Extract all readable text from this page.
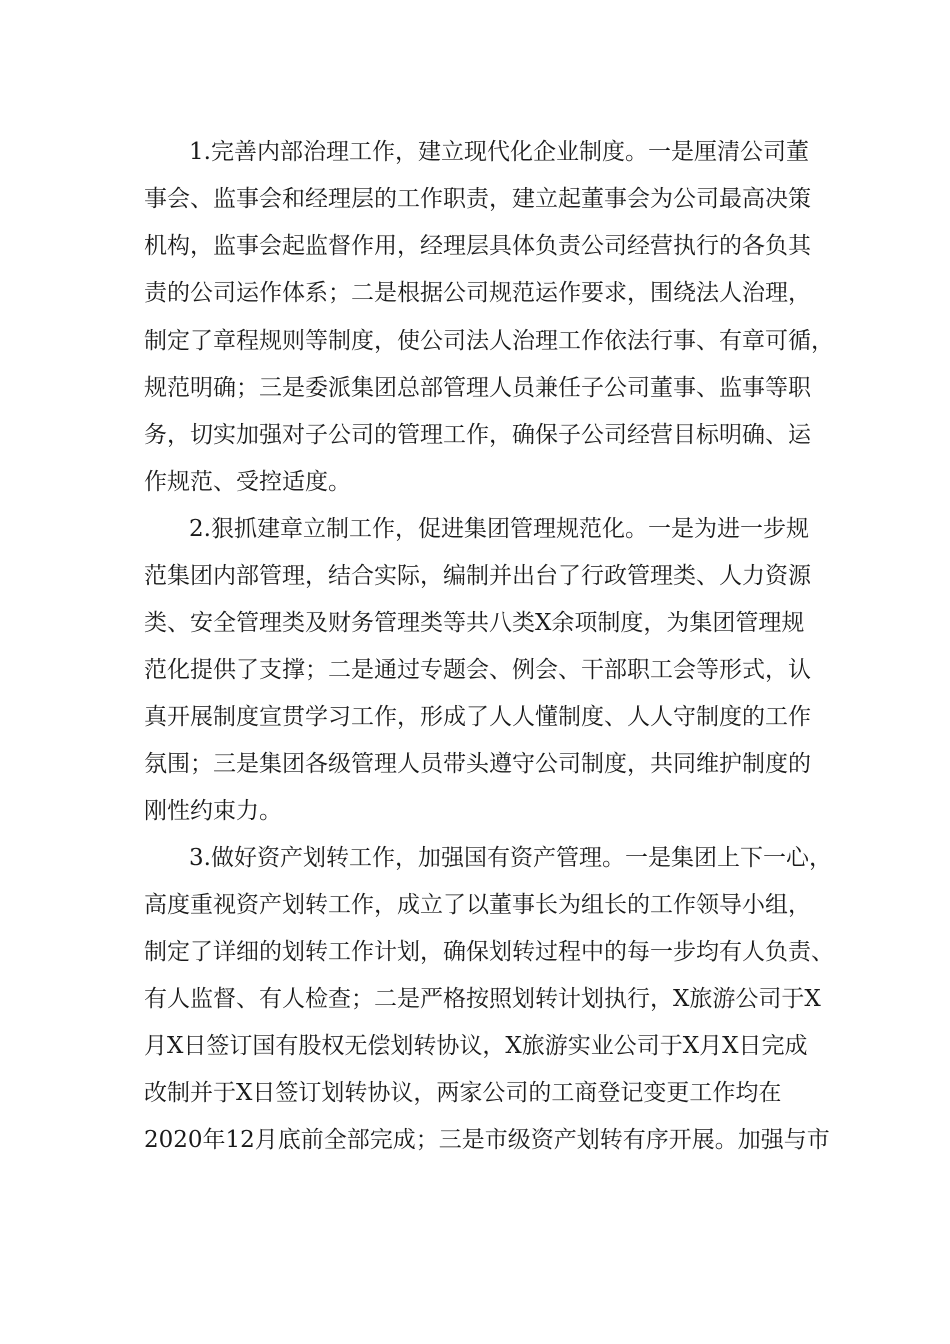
1.完善内部治理工作，建立现代化企业制度。一是厘清公司董
事会、监事会和经理层的工作职责，建立起董事会为公司最高决策
机构，监事会起监督作用，经理层具体负责公司经营执行的各负其
责的公司运作体系；二是根据公司规范运作要求，围绕法人治理，
制定了章程规则等制度，使公司法人治理工作依法行事、有章可循，
规范明确；三是委派集团总部管理人员兼任子公司董事、监事等职
务，切实加强对子公司的管理工作，确保子公司经营目标明确、运
作规范、受控适度。
2.狠抓建章立制工作，促进集团管理规范化。一是为进一步规
范集团内部管理，结合实际，编制并出台了行政管理类、人力资源
类、安全管理类及财务管理类等共八类X余项制度，为集团管理规
范化提供了支撑；二是通过专题会、例会、干部职工会等形式，认
真开展制度宣贯学习工作，形成了人人懂制度、人人守制度的工作
氛围；三是集团各级管理人员带头遵守公司制度，共同维护制度的
刚性约束力。
3.做好资产划转工作，加强国有资产管理。一是集团上下一心，
高度重视资产划转工作，成立了以董事长为组长的工作领导小组，
制定了详细的划转工作计划，确保划转过程中的每一步均有人负责、
有人监督、有人检查；二是严格按照划转计划执行，X旅游公司于X
月X日签订国有股权无偿划转协议，X旅游实业公司于X月X日完成
改制并于X日签订划转协议，两家公司的工商登记变更工作均在
2020年12月底前全部完成；三是市级资产划转有序开展。加强与市
